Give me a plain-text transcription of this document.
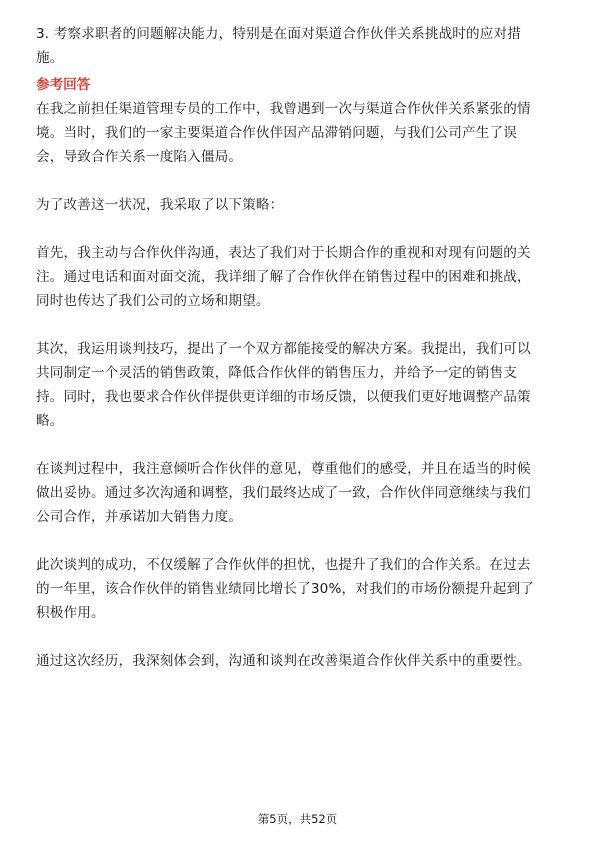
3. 考察求职者的问题解决能力，特别是在面对渠道合作伙伴关系挑战时的应对措
施。
参考回答
在我之前担任渠道管理专员的工作中，我曾遇到一次与渠道合作伙伴关系紧张的情
境。当时，我们的一家主要渠道合作伙伴因产品滞销问题，与我们公司产生了误
会，导致合作关系一度陷入僵局。
为了改善这一状况，我采取了以下策略：
首先，我主动与合作伙伴沟通，表达了我们对于长期合作的重视和对现有问题的关
注。通过电话和面对面交流，我详细了解了合作伙伴在销售过程中的困难和挑战，
同时也传达了我们公司的立场和期望。
其次，我运用谈判技巧，提出了一个双方都能接受的解决方案。我提出，我们可以
共同制定一个灵活的销售政策，降低合作伙伴的销售压力，并给予一定的销售支
持。同时，我也要求合作伙伴提供更详细的市场反馈，以便我们更好地调整产品策
略。
在谈判过程中，我注意倾听合作伙伴的意见，尊重他们的感受，并且在适当的时候
做出妥协。通过多次沟通和调整，我们最终达成了一致，合作伙伴同意继续与我们
公司合作，并承诺加大销售力度。
此次谈判的成功，不仅缓解了合作伙伴的担忧，也提升了我们的合作关系。在过去
的一年里，该合作伙伴的销售业绩同比增长了30%，对我们的市场份额提升起到了
积极作用。
通过这次经历，我深刻体会到，沟通和谈判在改善渠道合作伙伴关系中的重要性。
第5页，共52页
